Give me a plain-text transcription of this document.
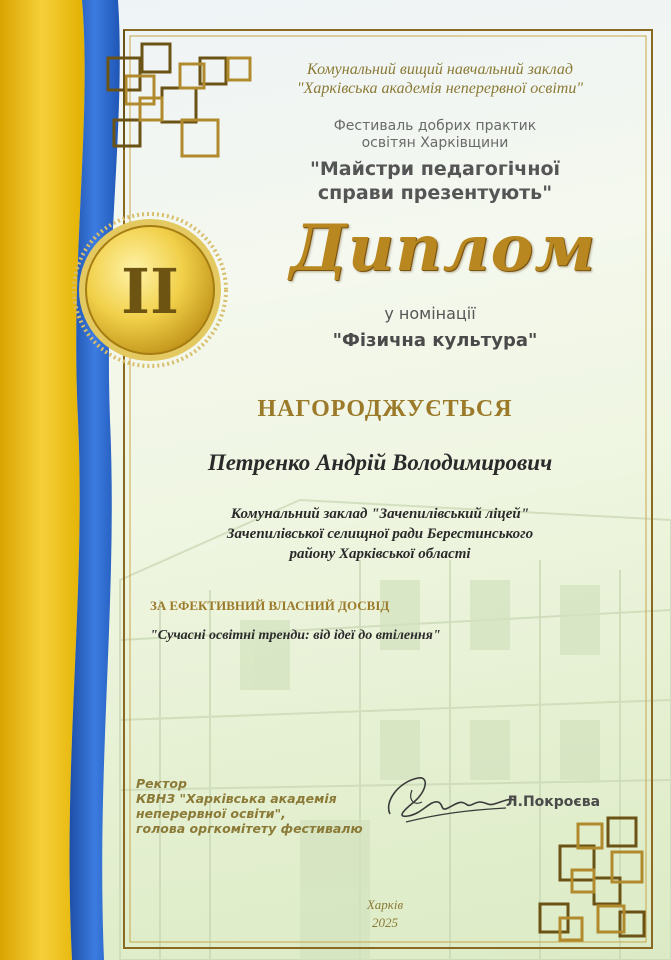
II
Комунальний вищий навчальний заклад
"Харківська академія неперервної освіти"
Фестиваль добрих практик
освітян Харківщини
"Майстри педагогічної
справи презентують"
Диплом
у номінації
"Фізична культура"
НАГОРОДЖУЄТЬСЯ
Петренко Андрій Володимирович
Комунальний заклад "Зачепилівський ліцей"
Зачепилівської селищної ради Берестинського
району Харківської області
ЗА ЕФЕКТИВНИЙ ВЛАСНИЙ ДОСВІД
"Сучасні освітні тренди: від ідеї до втілення"
Ректор
КВНЗ "Харківська академія
неперервної освіти",
голова оргкомітету фестивалю
Л.Покроєва
Харків
2025
